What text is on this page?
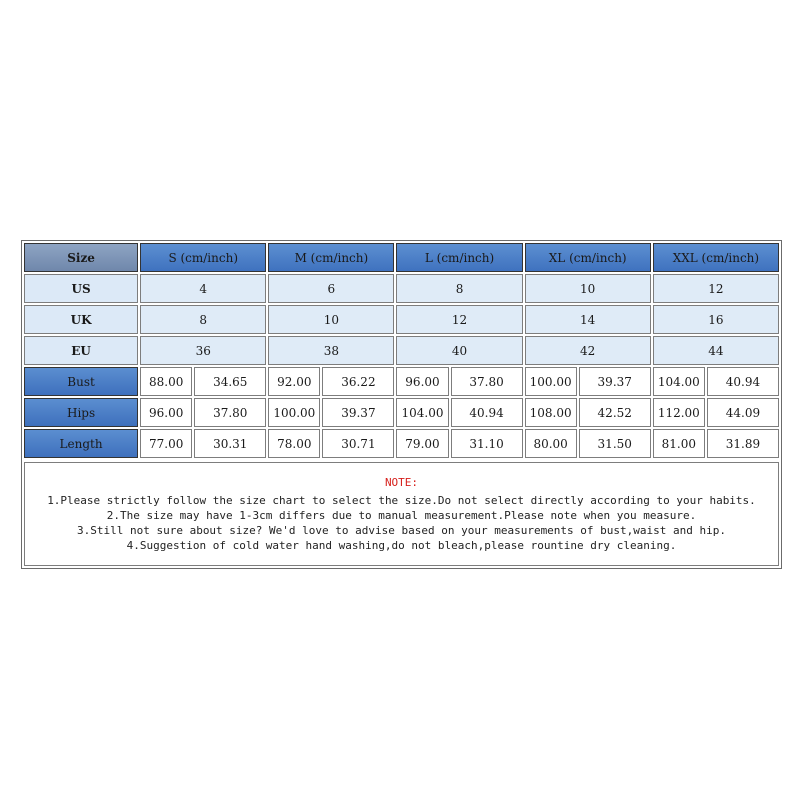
Size	S (cm/inch)		M (cm/inch)		L (cm/inch)		XL (cm/inch)		XXL (cm/inch)	
US	4		6		8		10		12	
UK	8		10		12		14		16	
EU	36		38		40		42		44	
Bust	88.00	34.65	92.00	36.22	96.00	37.80	100.00	39.37	104.00	40.94
Hips	96.00	37.80	100.00	39.37	104.00	40.94	108.00	42.52	112.00	44.09
Length	77.00	30.31	78.00	30.71	79.00	31.10	80.00	31.50	81.00	31.89
NOTE:
1.Please strictly follow the size chart to select the size.Do not select directly according to your habits.
2.The size may have 1-3cm differs due to manual measurement.Please note when you measure.
3.Still not sure about size? We'd love to advise based on your measurements of bust,waist and hip.
4.Suggestion of cold water hand washing,do not bleach,please rountine dry cleaning.
